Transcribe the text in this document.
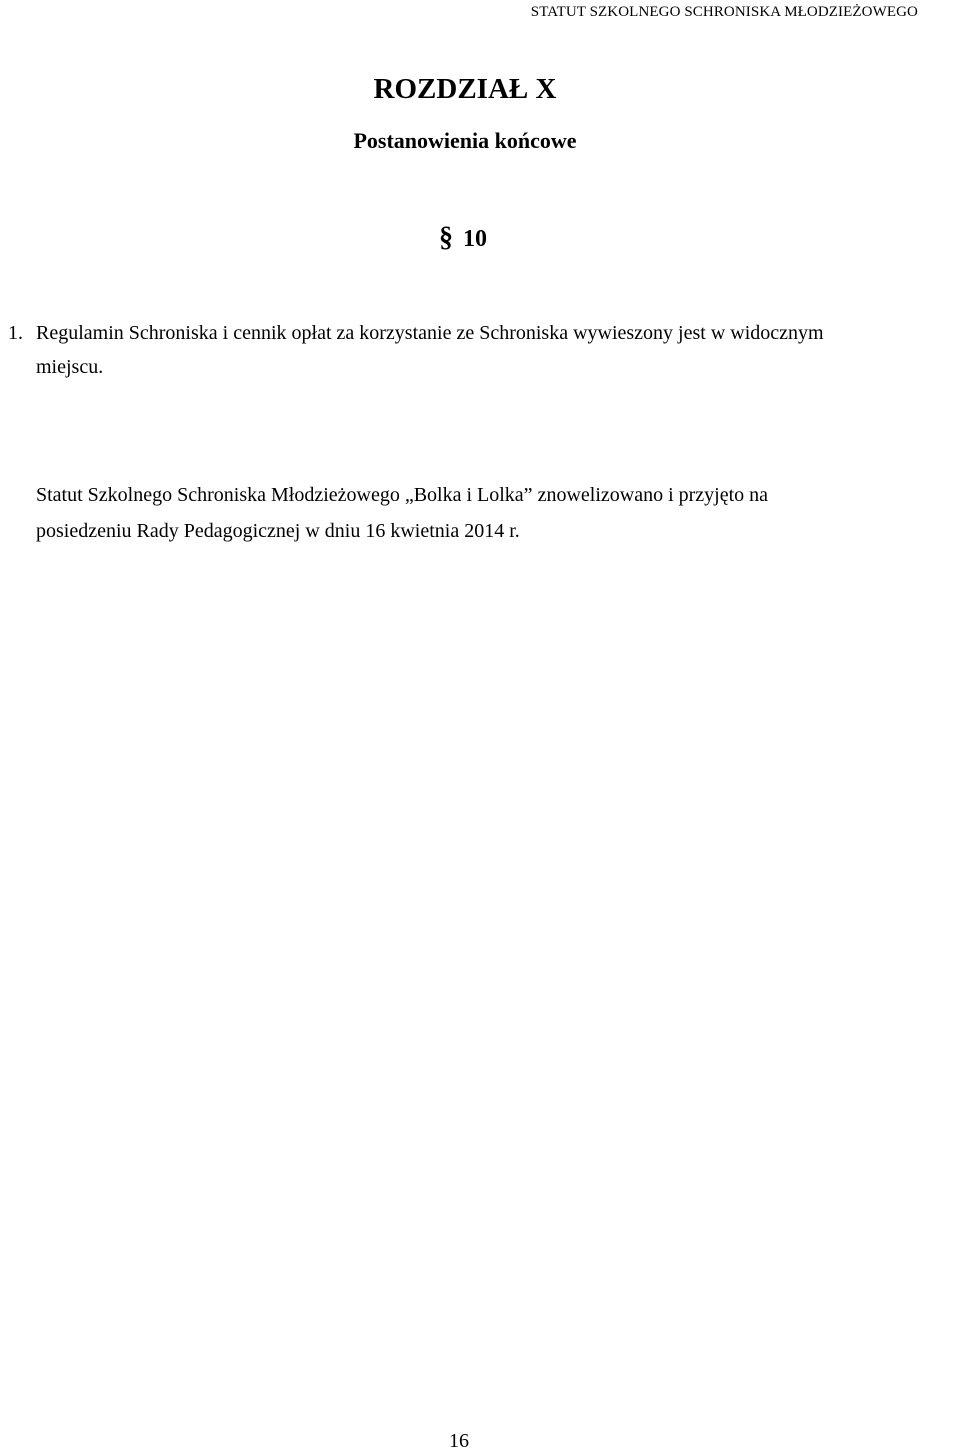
STATUT SZKOLNEGO SCHRONISKA MŁODZIEŻOWEGO
ROZDZIAŁ X
Postanowienia końcowe
§ 10
1. Regulamin Schroniska i cennik opłat za korzystanie ze Schroniska wywieszony jest w widocznym
miejscu.
Statut Szkolnego Schroniska Młodzieżowego „Bolka i Lolka” znowelizowano i przyjęto na
posiedzeniu Rady Pedagogicznej w dniu 16 kwietnia 2014 r.
16
